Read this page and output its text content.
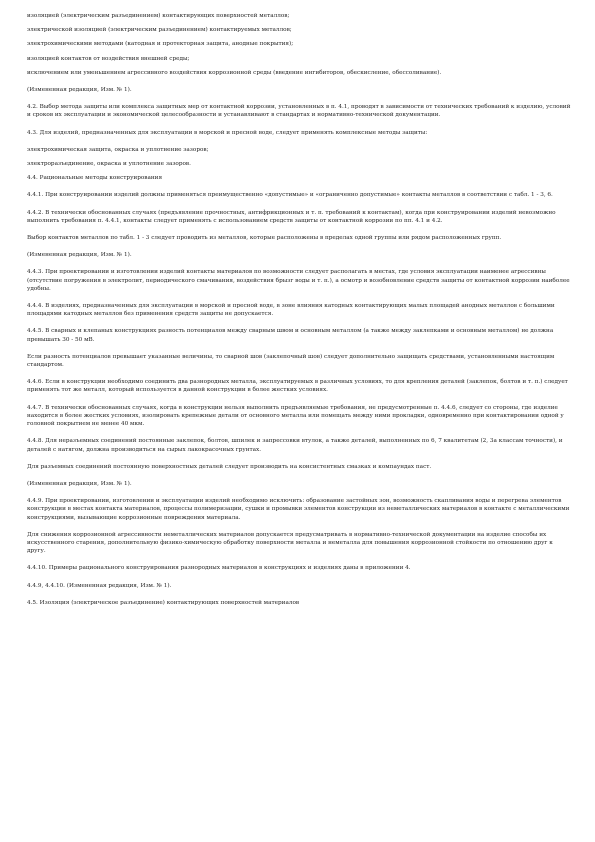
изоляцией (электрическим разъединением) контактирующих поверхностей металлов;

электрической изоляцией (электрическим разъединением) контактируемых металлов;

электрохимическими методами (катодная и протекторная защита, анодные покрытия);

изоляцией контактов от воздействия внешней среды;

исключением или уменьшением агрессивного воздействия коррозионной среды (введение ингибиторов, обескисление, обессоливание).

(Измененная редакция, Изм. № 1).

4.2. Выбор метода защиты или комплекса защитных мер от контактной коррозии, установленных в п. 4.1, проводят в зависимости от технических требований к изделию, условий и сроков их эксплуатации и экономической целесообразности и устанавливают в стандартах и нормативно-технической документации.

4.3. Для изделий, предназначенных для эксплуатации в морской и пресной воде, следует применять комплексные методы защиты:

электрохимическая защита, окраска и уплотнение зазоров;

электроразъединение, окраска и уплотнение зазоров.

4.4. Рациональные методы конструирования

4.4.1. При конструировании изделий должны применяться преимущественно «допустимые» и «ограниченно допустимые» контакты металлов в соответствии с табл. 1 - 3, 6.

4.4.2. В технически обоснованных случаях (предъявление прочностных, антифрикционных и т. п. требований к контактам), когда при конструировании изделий невозможно выполнить требования п. 4.4.1, контакты следует применять с использованием средств защиты от контактной коррозии по пп. 4.1 и 4.2.

Выбор контактов металлов по табл. 1 - 3 следует проводить из металлов, которые расположены в пределах одной группы или рядом расположенных групп.

(Измененная редакция, Изм. № 1).

4.4.3. При проектировании и изготовлении изделий контакты материалов по возможности следует располагать в местах, где условия эксплуатации наименее агрессивны (отсутствие погружения в электролит, периодического смачивания, воздействия брызг воды и т. п.), а осмотр и возобновление средств защиты от контактной коррозии наиболее удобны.

4.4.4. В изделиях, предназначенных для эксплуатации в морской и пресной воде, в зоне влияния катодных контактирующих малых площадей анодных металлов с большими площадями катодных металлов без применения средств защиты не допускается.

4.4.5. В сварных и клепаных конструкциях разность потенциалов между сварным швом и основным металлом (а также между заклепками и основным металлом) не должна превышать 30 - 50 мВ.

Если разность потенциалов превышает указанные величины, то сварной шов (заклепочный шов) следует дополнительно защищать средствами, установленными настоящим стандартом.

4.4.6. Если в конструкции необходимо соединить два разнородных металла, эксплуатируемых в различных условиях, то для крепления деталей (заклепок, болтов и т. п.) следует применять тот же металл, который используется в данной конструкции в более жестких условиях.

4.4.7. В технически обоснованных случаях, когда в конструкции нельзя выполнить предъявляемые требования, не предусмотренные п. 4.4.6, следует со стороны, где изделие находится в более жестких условиях, изолировать крепежные детали от основного металла или помещать между ними прокладки, одновременно при контактировании одной у головной покрытием не менее 40 мкм.

4.4.8. Для неразъемных соединений постоянные заклепок, болтов, шпилек и запрессовки втулок, а также деталей, выполненных по 6, 7 квалитетам (2, 3а классам точности), и деталей с натягом, должна производиться на сырых лакокрасочных грунтах.

Для разъемных соединений постоянную поверхностных деталей следует производить на консистентных смазках и компаундах паст.

(Измененная редакция, Изм. № 1).

4.4.9. При проектировании, изготовлении и эксплуатации изделий необходимо исключить: образование застойных зон, возможность скапливания воды и перегрева элементов конструкции в местах контакта материалов, процессы полимеризации, сушки и промывки элементов конструкции из неметаллических материалов в контакте с металлическими конструкциями, вызывающие коррозионные повреждения материала.

Для снижения коррозионной агрессивности неметаллических материалов допускается предусматривать в нормативно-технической документации на изделие способы их искусственного старения, дополнительную физико-химическую обработку поверхности металла и неметалла для повышения коррозионной стойкости по отношению друг к другу.

4.4.10. Примеры рационального конструирования разнородных материалов в конструкциях и изделиях даны в приложении 4.

4.4.9, 4.4.10. (Измененная редакция, Изм. № 1).

4.5. Изоляция (электрическое разъединение) контактирующих поверхностей материалов
